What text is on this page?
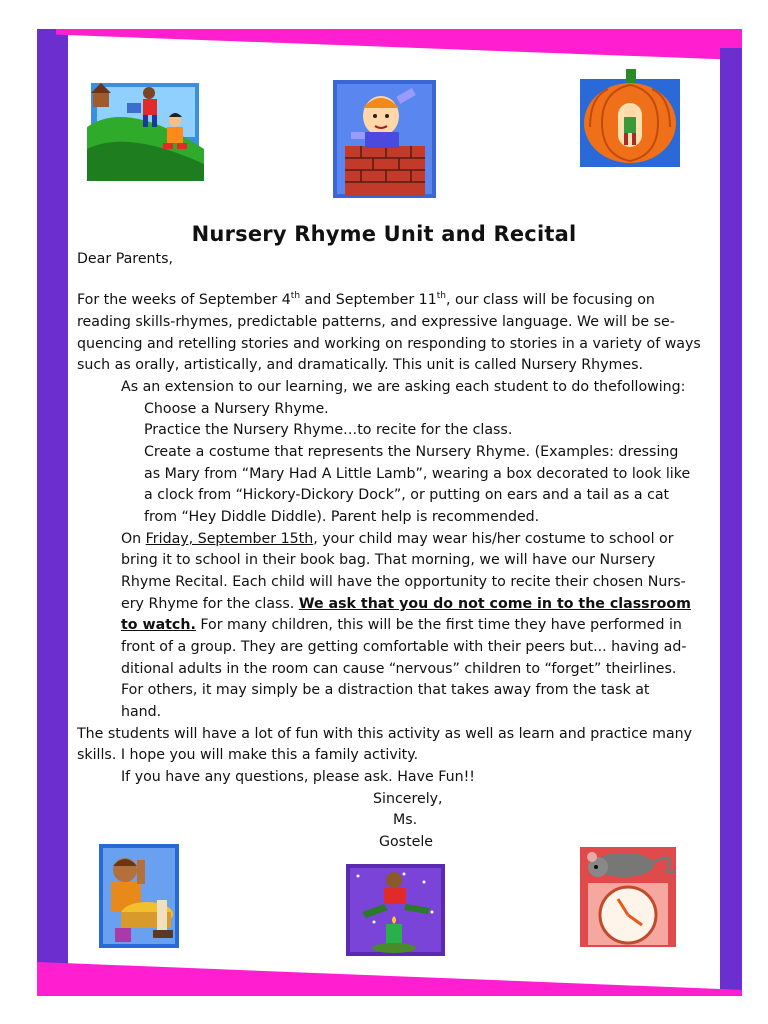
Nursery Rhyme Unit and Recital
Dear Parents,
For the weeks of September 4th and September 11th, our class will be focusing on
reading skills-rhymes, predictable patterns, and expressive language. We will be se-
quencing and retelling stories and working on responding to stories in a variety of ways
such as orally, artistically, and dramatically. This unit is called Nursery Rhymes.
As an extension to our learning, we are asking each student to do thefollowing:
Choose a Nursery Rhyme.
Practice the Nursery Rhyme…to recite for the class.
Create a costume that represents the Nursery Rhyme. (Examples: dressing
as Mary from “Mary Had A Little Lamb”, wearing a box decorated to look like
a clock from “Hickory-Dickory Dock”, or putting on ears and a tail as a cat
from “Hey Diddle Diddle). Parent help is recommended.
On Friday, September 15th, your child may wear his/her costume to school or
bring it to school in their book bag. That morning, we will have our Nursery
Rhyme Recital. Each child will have the opportunity to recite their chosen Nurs-
ery Rhyme for the class. We ask that you do not come in to the classroom
to watch. For many children, this will be the first time they have performed in
front of a group. They are getting comfortable with their peers but... having ad-
ditional adults in the room can cause “nervous” children to “forget” theirlines.
For others, it may simply be a distraction that takes away from the task at
hand.
The students will have a lot of fun with this activity as well as learn and practice many
skills. I hope you will make this a family activity.
If you have any questions, please ask. Have Fun!!
Sincerely,
Ms.
Gostele
